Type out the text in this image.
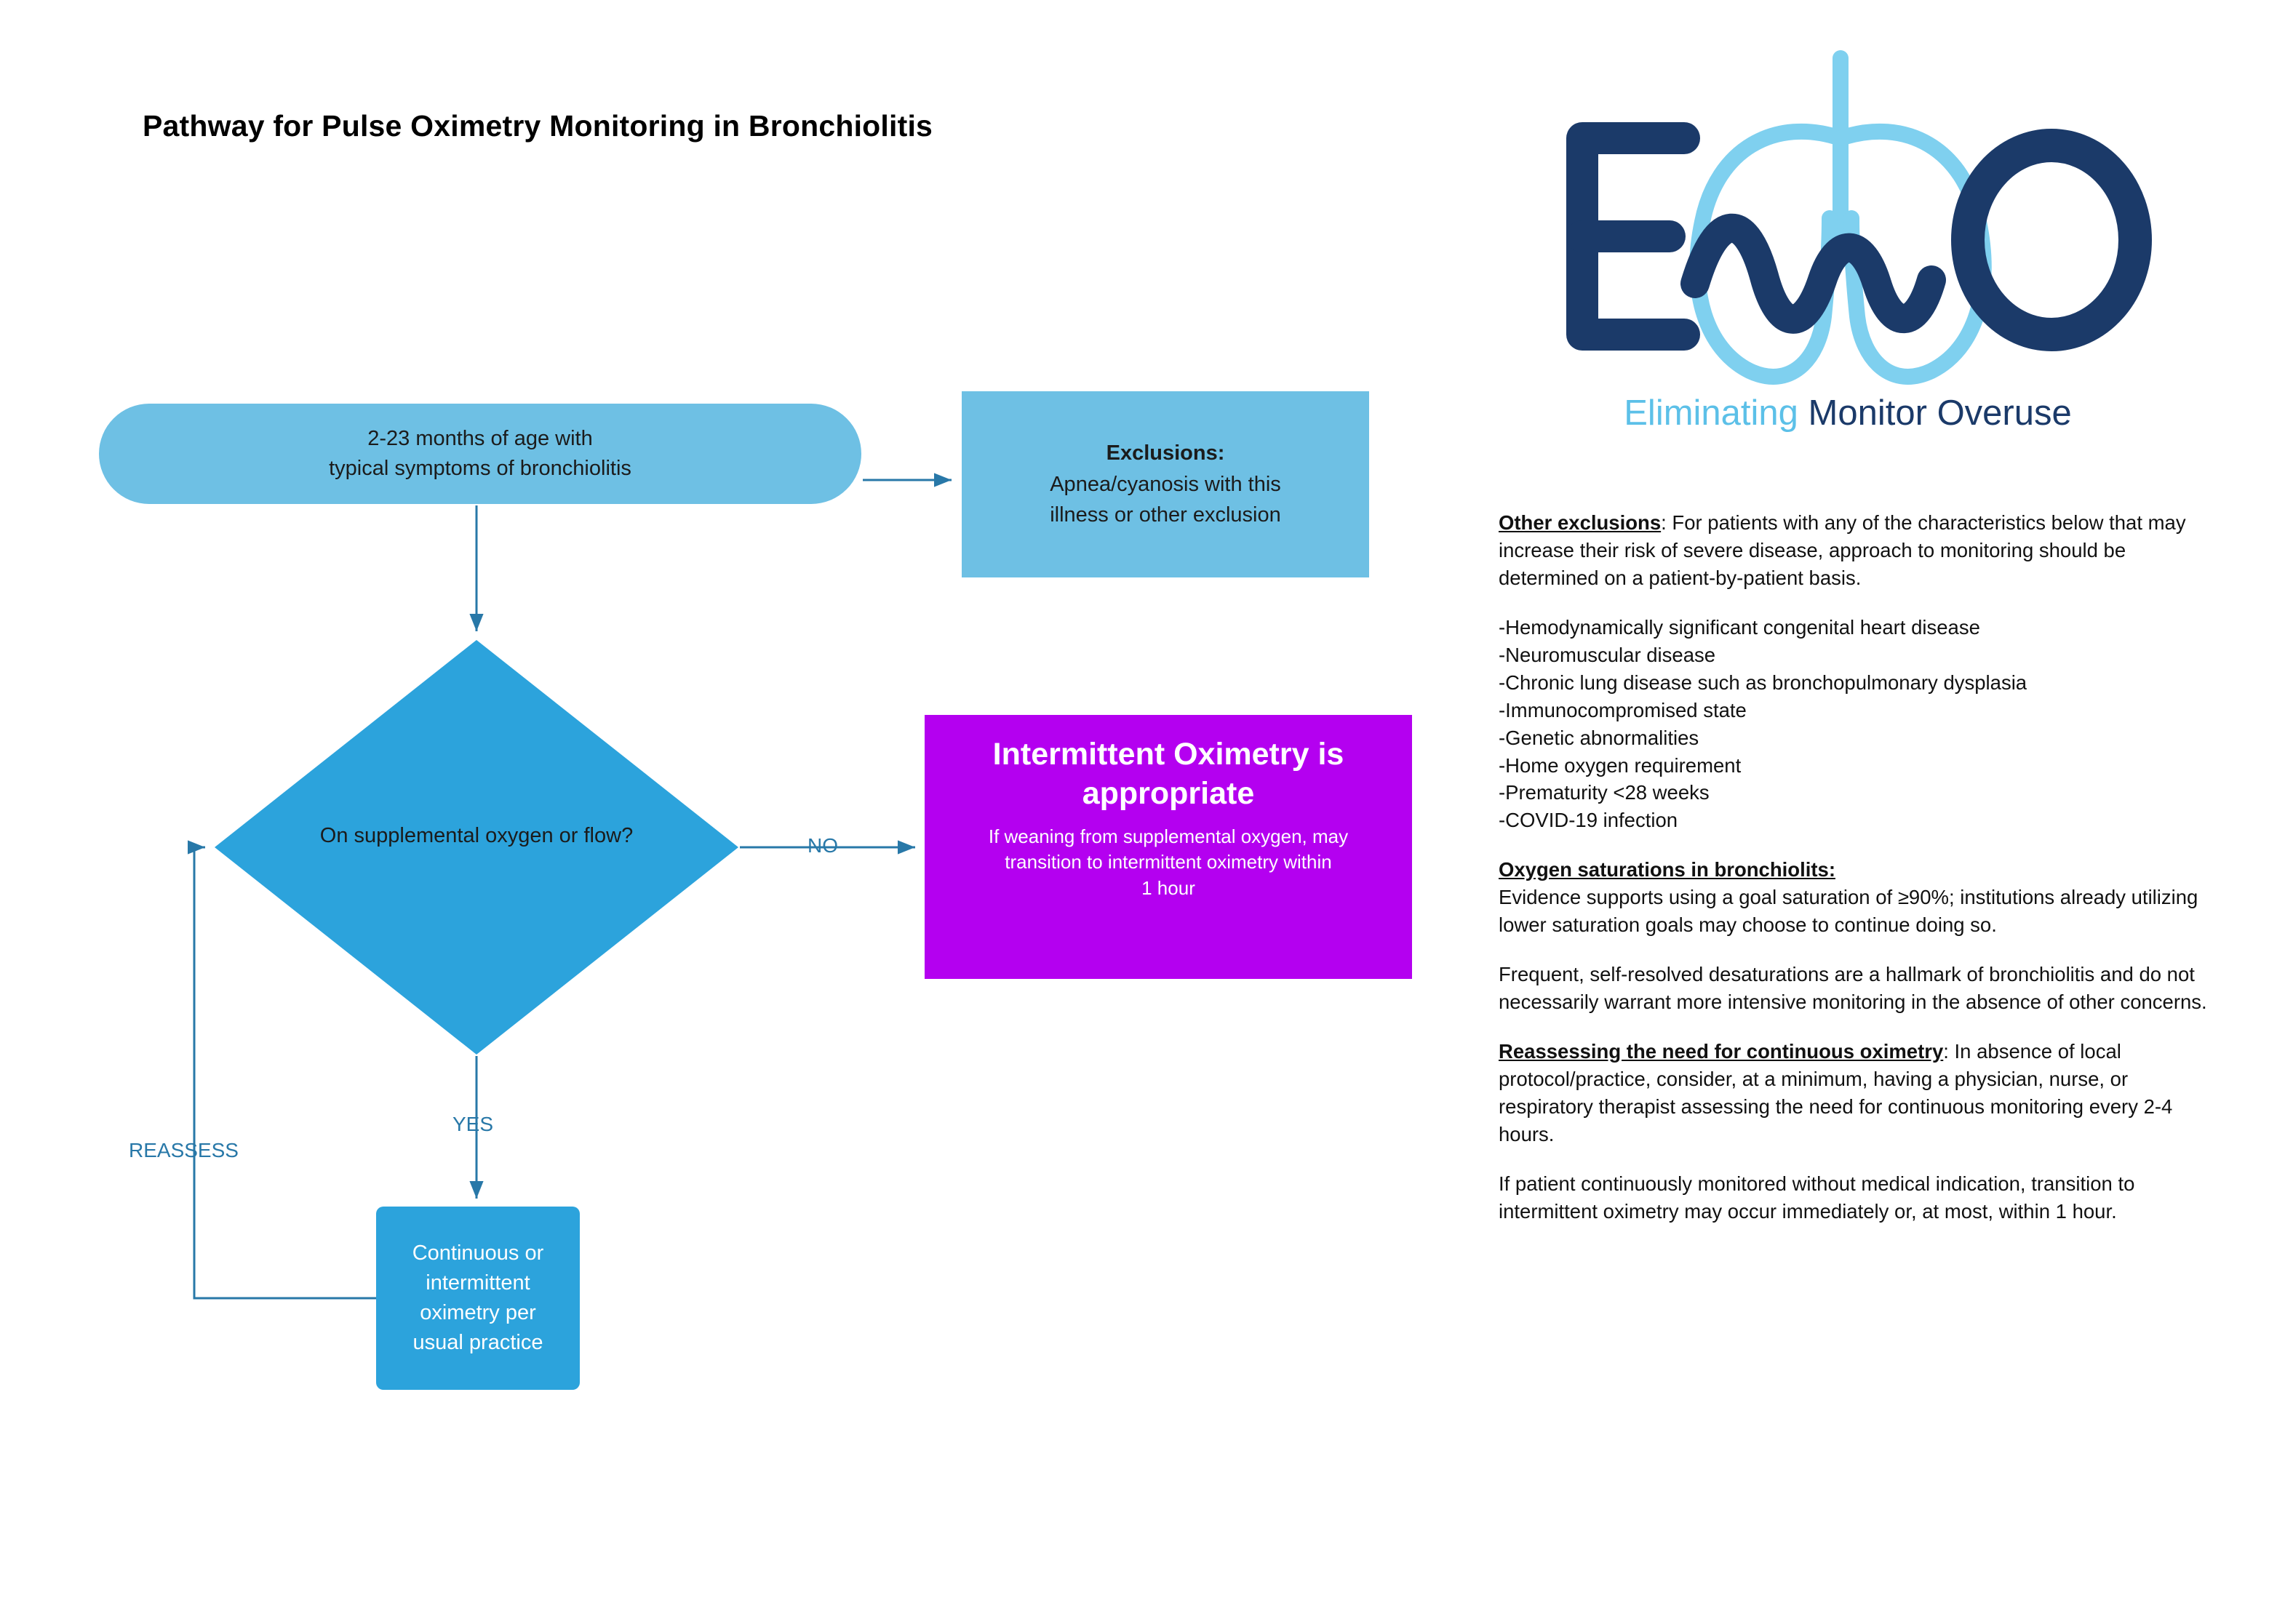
Pathway for Pulse Oximetry Monitoring in Bronchiolitis
2-23 months of age with
typical symptoms of bronchiolitis
Exclusions:
Apnea/cyanosis with this
illness or other exclusion
On supplemental oxygen or flow?
Intermittent Oximetry is
appropriate
If weaning from supplemental oxygen, may
transition to intermittent oximetry within
1 hour
Continuous or
intermittent
oximetry per
usual practice
NO
YES
REASSESS
Eliminating Monitor Overuse

Other exclusions: For patients with any of the characteristics below that may increase their risk of severe disease, approach to monitoring should be determined on a patient-by-patient basis.

-Hemodynamically significant congenital heart disease

-Neuromuscular disease

-Chronic lung disease such as bronchopulmonary dysplasia

-Immunocompromised state

-Genetic abnormalities

-Home oxygen requirement

-Prematurity <28 weeks

-COVID-19 infection

Oxygen saturations in bronchiolits:

Evidence supports using a goal saturation of ≥90%; institutions already utilizing lower saturation goals may choose to continue doing so.

Frequent, self-resolved desaturations are a hallmark of bronchiolitis and do not necessarily warrant more intensive monitoring in the absence of other concerns.

Reassessing the need for continuous oximetry: In absence of local protocol/practice, consider, at a minimum, having a physician, nurse, or respiratory therapist assessing the need for continuous monitoring every 2-4 hours.

If patient continuously monitored without medical indication, transition to intermittent oximetry may occur immediately or, at most, within 1 hour.
